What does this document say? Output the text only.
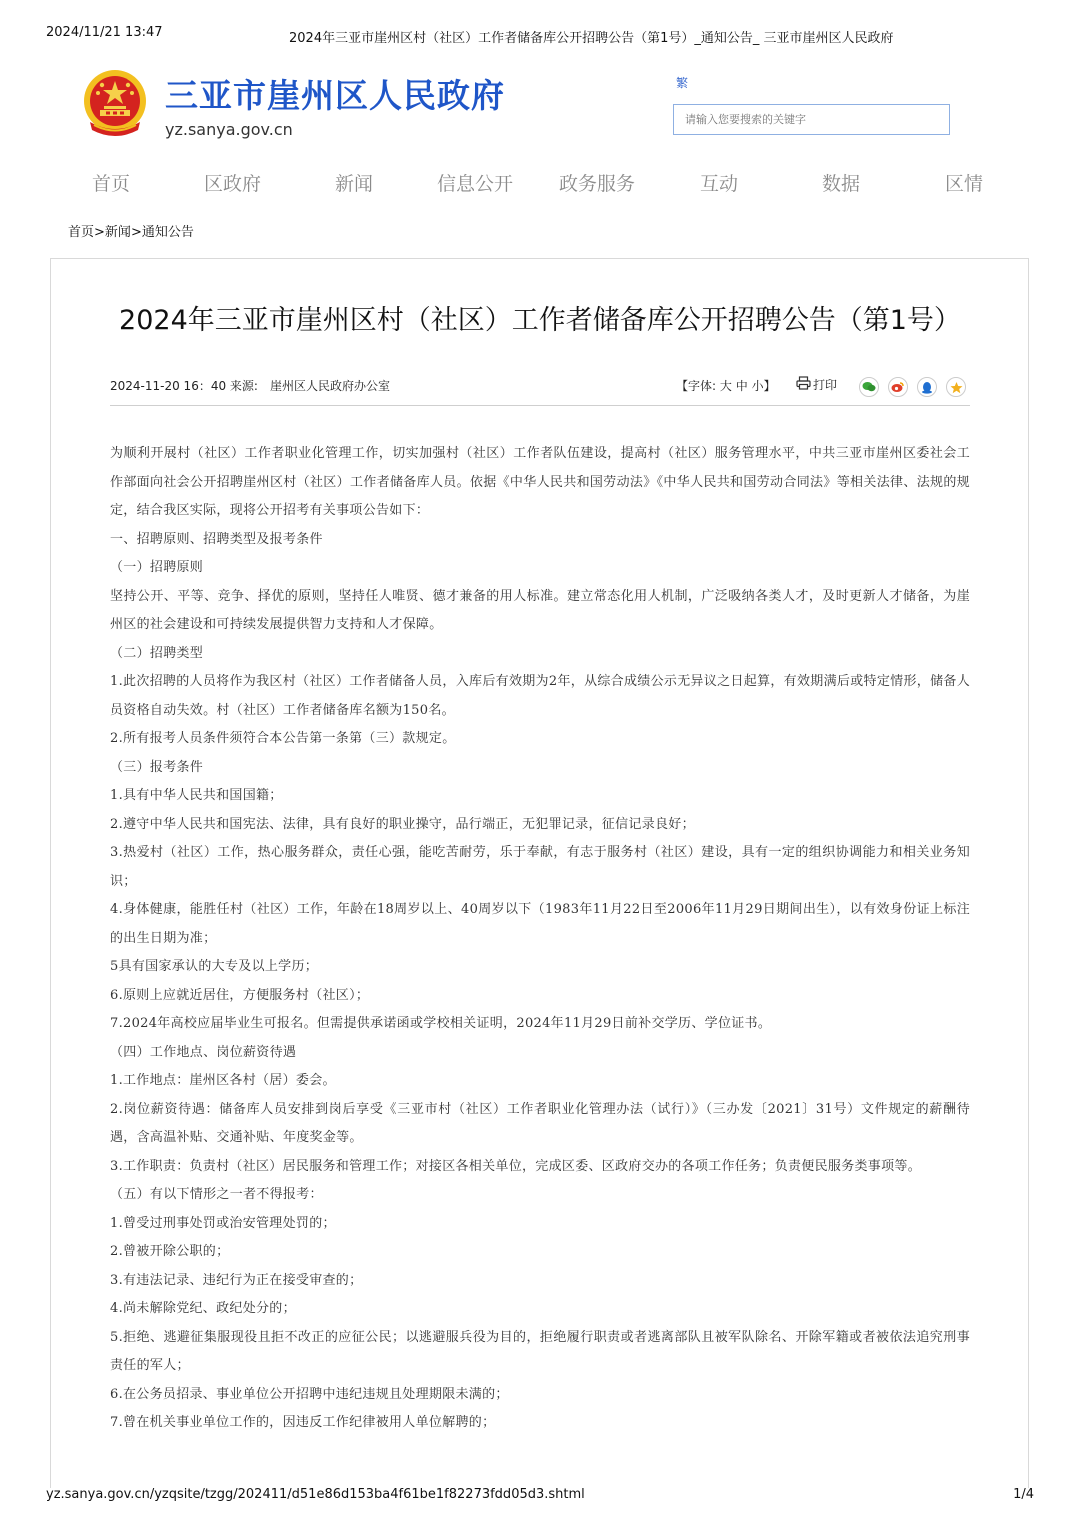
2024/11/21 13:47	2024年三亚市崖州区村（社区）工作者储备库公开招聘公告（第1号）_通知公告_ 三亚市崖州区人民政府
三亚市崖州区人民政府
yz.sanya.gov.cn
繁
请输入您要搜索的关键字
首页	区政府	新闻	信息公开 政务服务	互动	数据	区情
首页>新闻>通知公告
2024年三亚市崖州区村（社区）工作者储备库公开招聘公告（第1号）
2024-11-20 16：40 来源:　崖州区人民政府办公室	【字体: 大 中 小】	打印

为顺利开展村（社区）工作者职业化管理工作，切实加强村（社区）工作者队伍建设，提高村（社区）服务管理水平，中共三亚市崖州区委社会工作部面向社会公开招聘崖州区村（社区）工作者储备库人员。依据《中华人民共和国劳动法》《中华人民共和国劳动合同法》等相关法律、法规的规定，结合我区实际，现将公开招考有关事项公告如下：

一、招聘原则、招聘类型及报考条件

（一）招聘原则

坚持公开、平等、竞争、择优的原则，坚持任人唯贤、德才兼备的用人标准。建立常态化用人机制，广泛吸纳各类人才，及时更新人才储备，为崖州区的社会建设和可持续发展提供智力支持和人才保障。

（二）招聘类型

1.此次招聘的人员将作为我区村（社区）工作者储备人员，入库后有效期为2年，从综合成绩公示无异议之日起算，有效期满后或特定情形，储备人员资格自动失效。村（社区）工作者储备库名额为150名。

2.所有报考人员条件须符合本公告第一条第（三）款规定。

（三）报考条件

1.具有中华人民共和国国籍；

2.遵守中华人民共和国宪法、法律，具有良好的职业操守，品行端正，无犯罪记录，征信记录良好；

3.热爱村（社区）工作，热心服务群众，责任心强，能吃苦耐劳，乐于奉献，有志于服务村（社区）建设，具有一定的组织协调能力和相关业务知识；

4.身体健康，能胜任村（社区）工作，年龄在18周岁以上、40周岁以下（1983年11月22日至2006年11月29日期间出生），以有效身份证上标注的出生日期为准；

5具有国家承认的大专及以上学历；

6.原则上应就近居住，方便服务村（社区）；

7.2024年高校应届毕业生可报名。但需提供承诺函或学校相关证明，2024年11月29日前补交学历、学位证书。

（四）工作地点、岗位薪资待遇

1.工作地点：崖州区各村（居）委会。

2.岗位薪资待遇：储备库人员安排到岗后享受《三亚市村（社区）工作者职业化管理办法（试行）》（三办发〔2021〕31号）文件规定的薪酬待遇，含高温补贴、交通补贴、年度奖金等。

3.工作职责：负责村（社区）居民服务和管理工作；对接区各相关单位，完成区委、区政府交办的各项工作任务；负责便民服务类事项等。

（五）有以下情形之一者不得报考：

1.曾受过刑事处罚或治安管理处罚的；

2.曾被开除公职的；

3.有违法记录、违纪行为正在接受审查的；

4.尚未解除党纪、政纪处分的；

5.拒绝、逃避征集服现役且拒不改正的应征公民；以逃避服兵役为目的，拒绝履行职责或者逃离部队且被军队除名、开除军籍或者被依法追究刑事责任的军人；

6.在公务员招录、事业单位公开招聘中违纪违规且处理期限未满的；

7.曾在机关事业单位工作的，因违反工作纪律被用人单位解聘的；

yz.sanya.gov.cn/yzqsite/tzgg/202411/d51e86d153ba4f61be1f82273fdd05d3.shtml	1/4
